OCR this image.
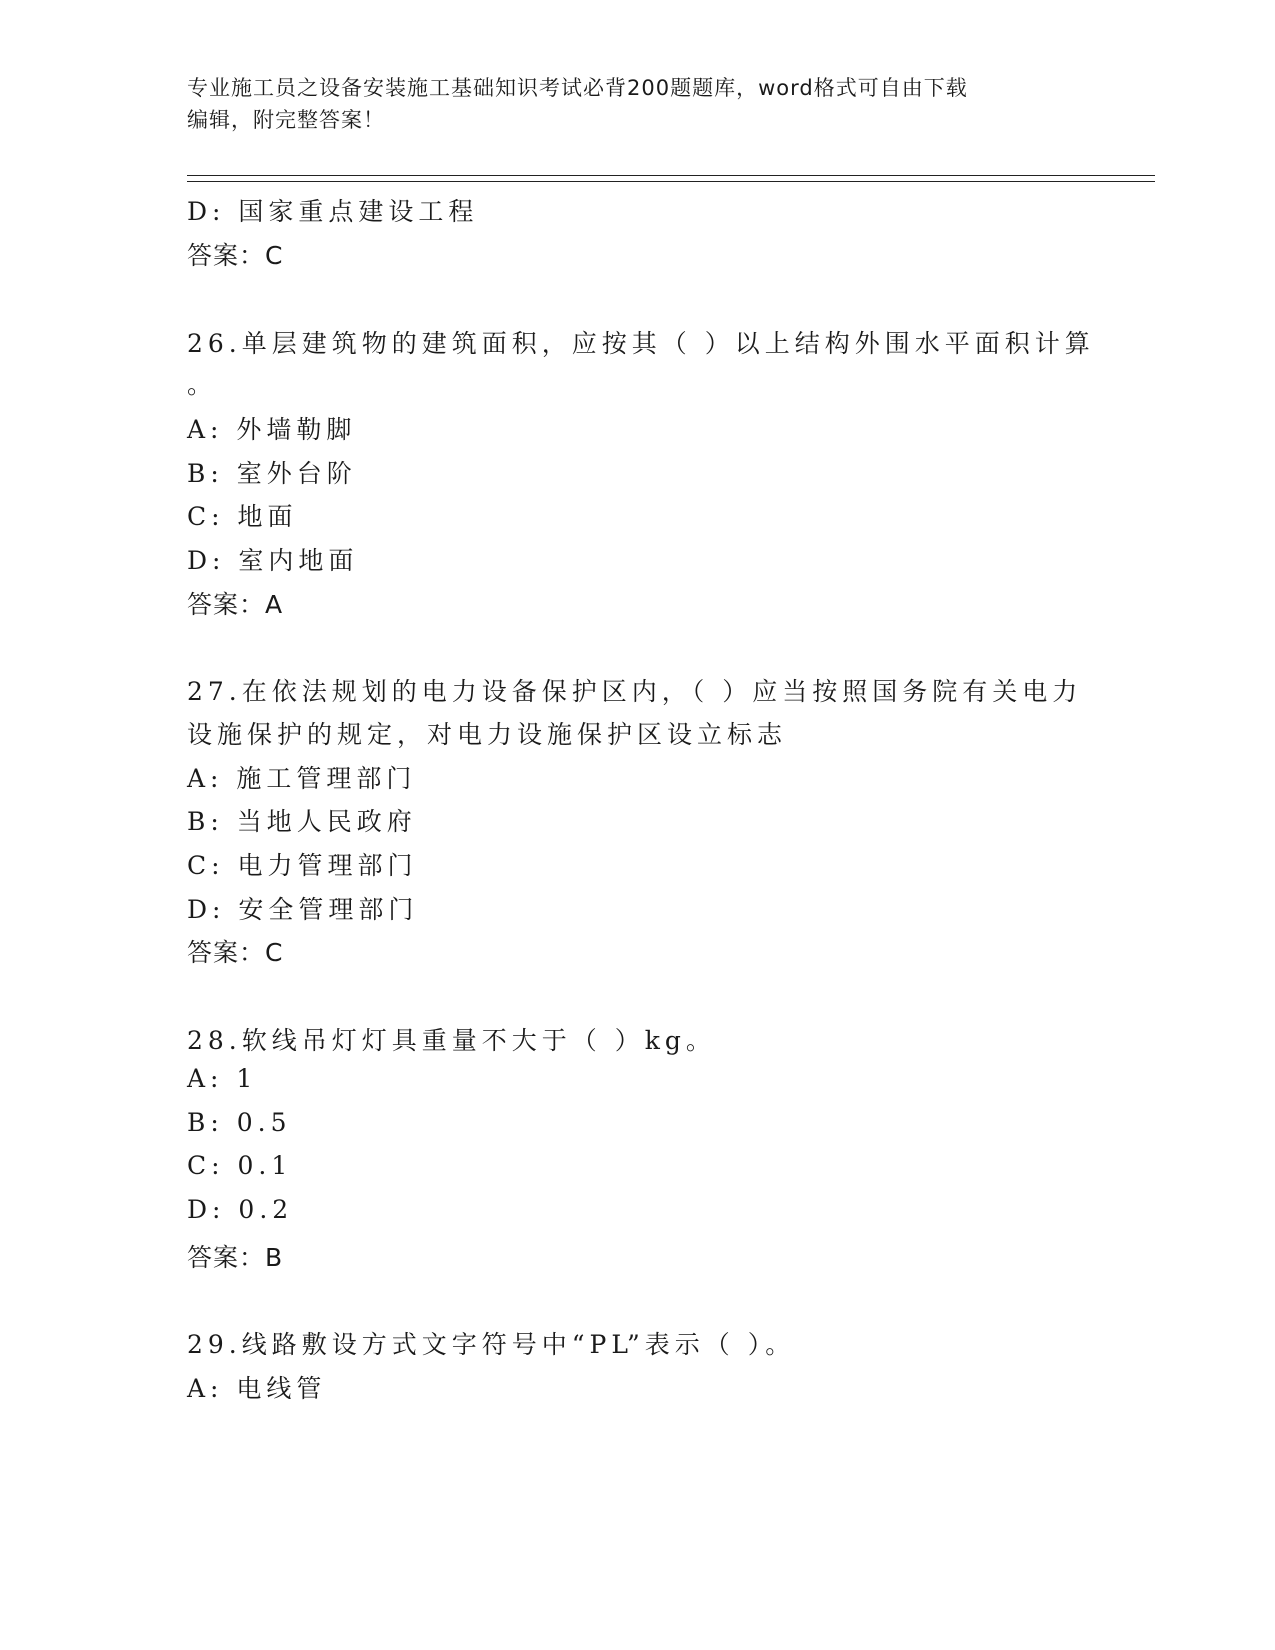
专业施工员之设备安装施工基础知识考试必背200题题库，word格式可自由下载
编辑，附完整答案！
D: 国家重点建设工程
答案：C
26.单层建筑物的建筑面积，应按其（ ）以上结构外围水平面积计算
。
A: 外墙勒脚
B: 室外台阶
C: 地面
D: 室内地面
答案：A
27.在依法规划的电力设备保护区内，（ ）应当按照国务院有关电力
设施保护的规定，对电力设施保护区设立标志
A: 施工管理部门
B: 当地人民政府
C: 电力管理部门
D: 安全管理部门
答案：C
28.软线吊灯灯具重量不大于（ ）kg。
A: 1
B: 0.5
C: 0.1
D: 0.2
答案：B
29.线路敷设方式文字符号中“PL”表示（ ）。
A: 电线管
